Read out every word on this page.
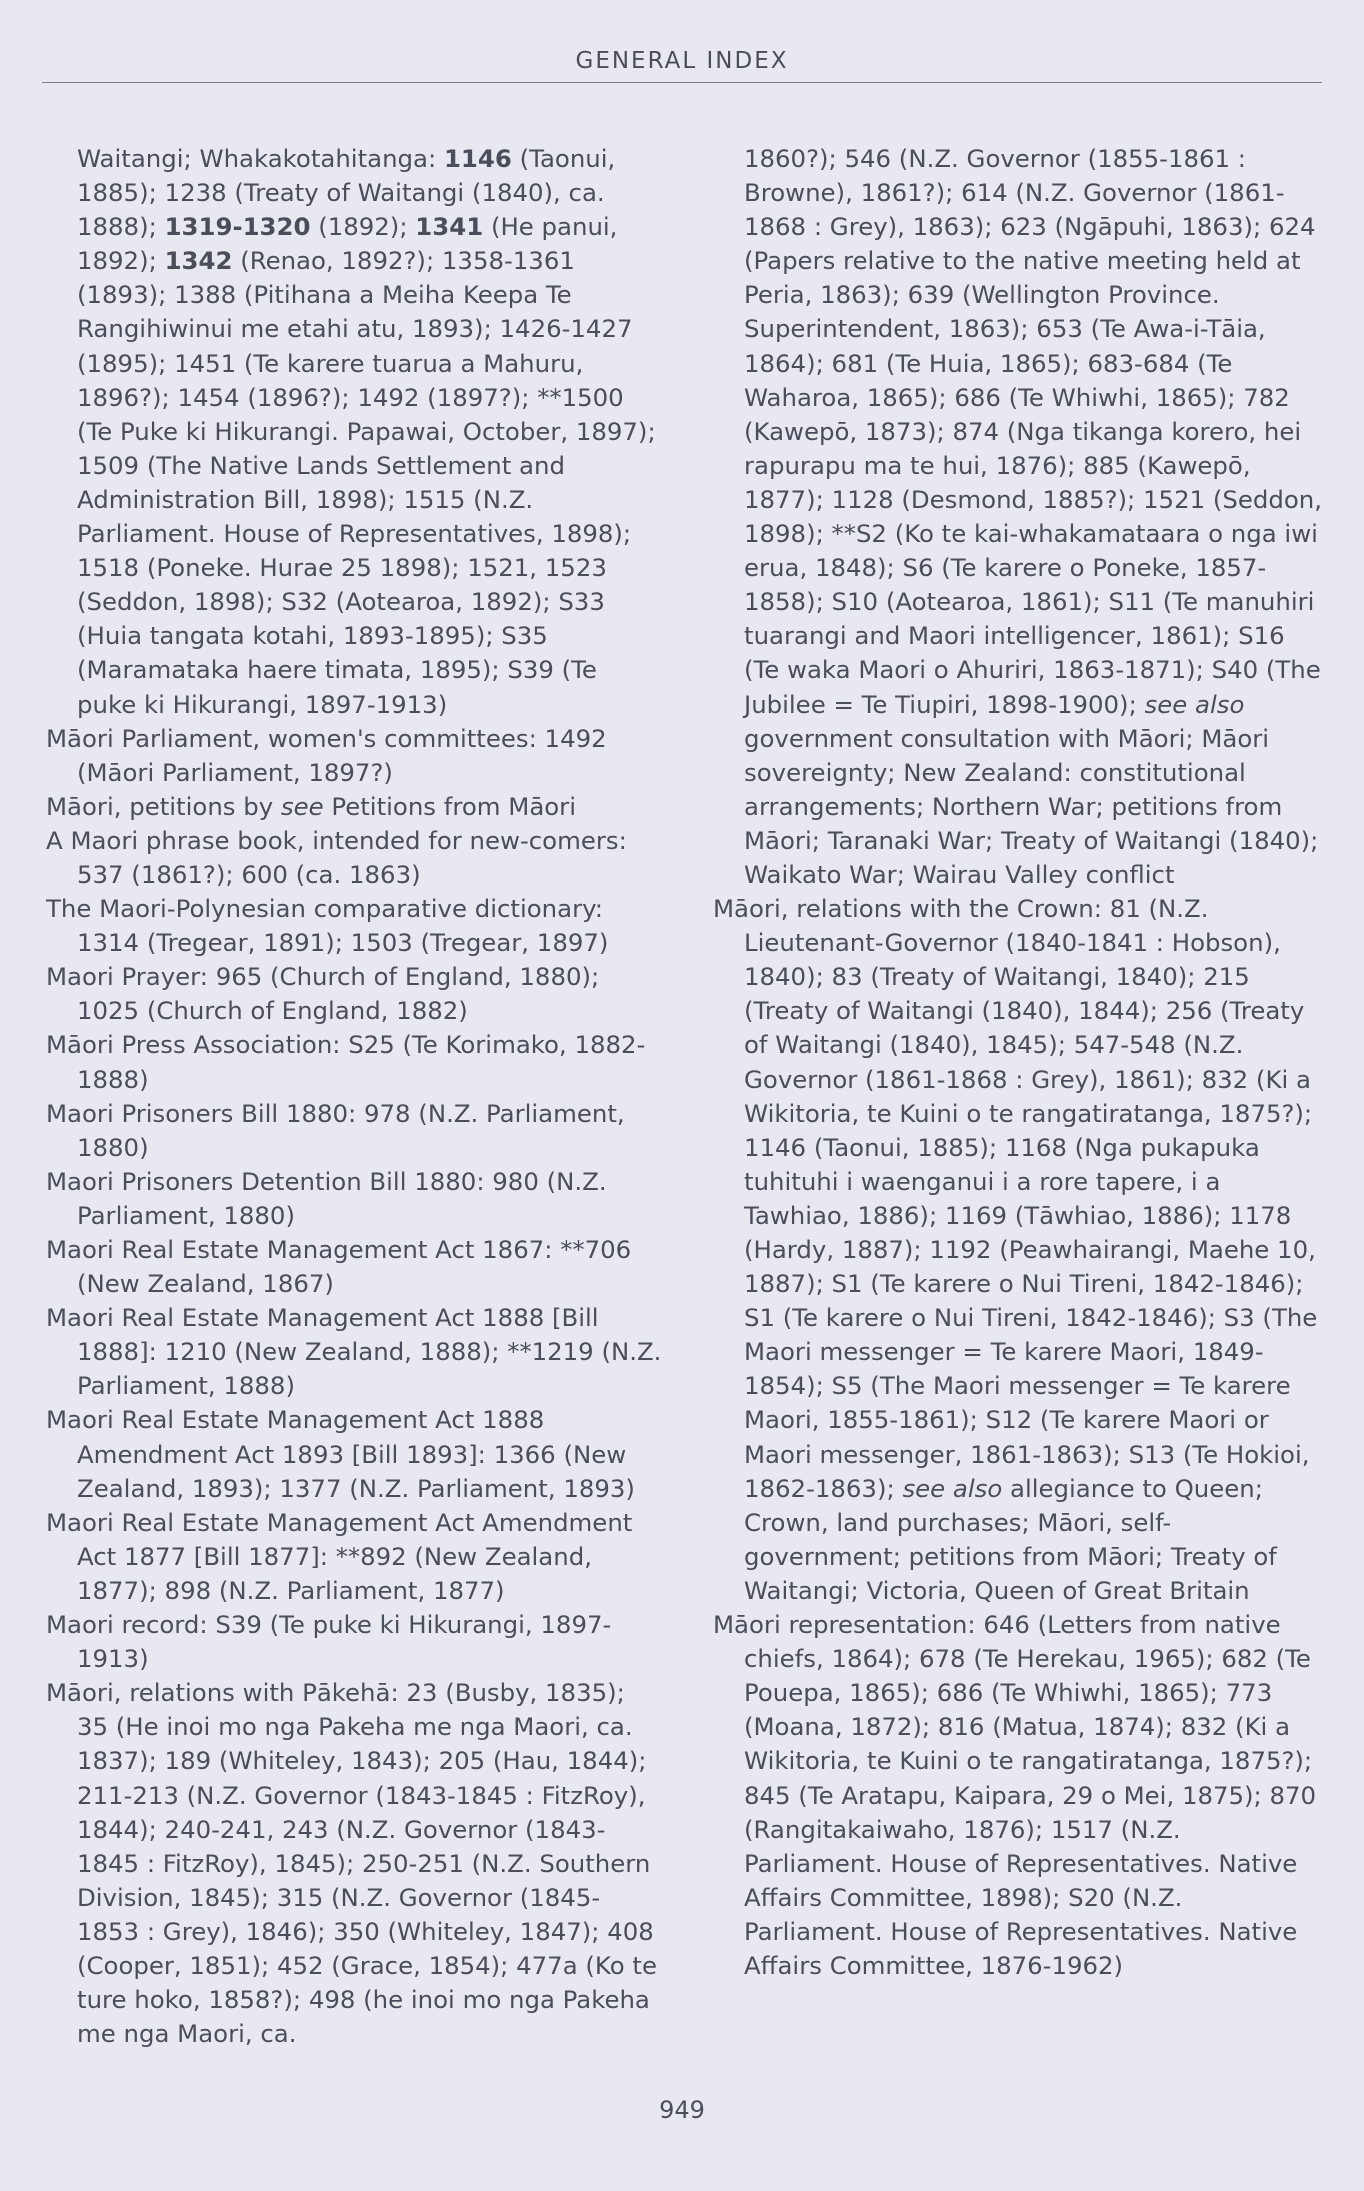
GENERAL INDEX

Waitangi; Whakakotahitanga: 1146 (Taonui, 1885); 1238 (Treaty of Waitangi (1840), ca. 1888); 1319-1320 (1892); 1341 (He panui, 1892); 1342 (Renao, 1892?); 1358-1361 (1893); 1388 (Pitihana a Meiha Keepa Te Rangihiwinui me etahi atu, 1893); 1426-1427 (1895); 1451 (Te karere tuarua a Mahuru, 1896?); 1454 (1896?); 1492 (1897?); **1500 (Te Puke ki Hikurangi. Papawai, October, 1897); 1509 (The Native Lands Settlement and Administration Bill, 1898); 1515 (N.Z. Parliament. House of Representatives, 1898); 1518 (Poneke. Hurae 25 1898); 1521, 1523 (Seddon, 1898); S32 (Aotearoa, 1892); S33 (Huia tangata kotahi, 1893-1895); S35 (Maramataka haere timata, 1895); S39 (Te puke ki Hikurangi, 1897-1913)

Māori Parliament, women's committees: 1492 (Māori Parliament, 1897?)

Māori, petitions by see Petitions from Māori

A Maori phrase book, intended for new-comers: 537 (1861?); 600 (ca. 1863)

The Maori-Polynesian comparative dictionary: 1314 (Tregear, 1891); 1503 (Tregear, 1897)

Maori Prayer: 965 (Church of England, 1880); 1025 (Church of England, 1882)

Māori Press Association: S25 (Te Korimako, 1882-1888)

Maori Prisoners Bill 1880: 978 (N.Z. Parliament, 1880)

Maori Prisoners Detention Bill 1880: 980 (N.Z. Parliament, 1880)

Maori Real Estate Management Act 1867: **706 (New Zealand, 1867)

Maori Real Estate Management Act 1888 [Bill 1888]: 1210 (New Zealand, 1888); **1219 (N.Z. Parliament, 1888)

Maori Real Estate Management Act 1888 Amendment Act 1893 [Bill 1893]: 1366 (New Zealand, 1893); 1377 (N.Z. Parliament, 1893)

Maori Real Estate Management Act Amendment Act 1877 [Bill 1877]: **892 (New Zealand, 1877); 898 (N.Z. Parliament, 1877)

Maori record: S39 (Te puke ki Hikurangi, 1897-1913)

Māori, relations with Pākehā: 23 (Busby, 1835); 35 (He inoi mo nga Pakeha me nga Maori, ca. 1837); 189 (Whiteley, 1843); 205 (Hau, 1844); 211-213 (N.Z. Governor (1843-1845 : FitzRoy), 1844); 240-241, 243 (N.Z. Governor (1843-1845 : FitzRoy), 1845); 250-251 (N.Z. Southern Division, 1845); 315 (N.Z. Governor (1845-1853 : Grey), 1846); 350 (Whiteley, 1847); 408 (Cooper, 1851); 452 (Grace, 1854); 477a (Ko te ture hoko, 1858?); 498 (he inoi mo nga Pakeha me nga Maori, ca.

1860?); 546 (N.Z. Governor (1855-1861 : Browne), 1861?); 614 (N.Z. Governor (1861-1868 : Grey), 1863); 623 (Ngāpuhi, 1863); 624 (Papers relative to the native meeting held at Peria, 1863); 639 (Wellington Province. Superintendent, 1863); 653 (Te Awa-i-Tāia, 1864); 681 (Te Huia, 1865); 683-684 (Te Waharoa, 1865); 686 (Te Whiwhi, 1865); 782 (Kawepō, 1873); 874 (Nga tikanga korero, hei rapurapu ma te hui, 1876); 885 (Kawepō, 1877); 1128 (Desmond, 1885?); 1521 (Seddon, 1898); **S2 (Ko te kai-whakamataara o nga iwi erua, 1848); S6 (Te karere o Poneke, 1857-1858); S10 (Aotearoa, 1861); S11 (Te manuhiri tuarangi and Maori intelligencer, 1861); S16 (Te waka Maori o Ahuriri, 1863-1871); S40 (The Jubilee = Te Tiupiri, 1898-1900); see also government consultation with Māori; Māori sovereignty; New Zealand: constitutional arrangements; Northern War; petitions from Māori; Taranaki War; Treaty of Waitangi (1840); Waikato War; Wairau Valley conflict

Māori, relations with the Crown: 81 (N.Z. Lieutenant-Governor (1840-1841 : Hobson), 1840); 83 (Treaty of Waitangi, 1840); 215 (Treaty of Waitangi (1840), 1844); 256 (Treaty of Waitangi (1840), 1845); 547-548 (N.Z. Governor (1861-1868 : Grey), 1861); 832 (Ki a Wikitoria, te Kuini o te rangatiratanga, 1875?); 1146 (Taonui, 1885); 1168 (Nga pukapuka tuhituhi i waenganui i a rore tapere, i a Tawhiao, 1886); 1169 (Tāwhiao, 1886); 1178 (Hardy, 1887); 1192 (Peawhairangi, Maehe 10, 1887); S1 (Te karere o Nui Tireni, 1842-1846); S1 (Te karere o Nui Tireni, 1842-1846); S3 (The Maori messenger = Te karere Maori, 1849-1854); S5 (The Maori messenger = Te karere Maori, 1855-1861); S12 (Te karere Maori or Maori messenger, 1861-1863); S13 (Te Hokioi, 1862-1863); see also allegiance to Queen; Crown, land purchases; Māori, self-government; petitions from Māori; Treaty of Waitangi; Victoria, Queen of Great Britain

Māori representation: 646 (Letters from native chiefs, 1864); 678 (Te Herekau, 1965); 682 (Te Pouepa, 1865); 686 (Te Whiwhi, 1865); 773 (Moana, 1872); 816 (Matua, 1874); 832 (Ki a Wikitoria, te Kuini o te rangatiratanga, 1875?); 845 (Te Aratapu, Kaipara, 29 o Mei, 1875); 870 (Rangitakaiwaho, 1876); 1517 (N.Z. Parliament. House of Representatives. Native Affairs Committee, 1898); S20 (N.Z. Parliament. House of Representatives. Native Affairs Committee, 1876-1962)

949
